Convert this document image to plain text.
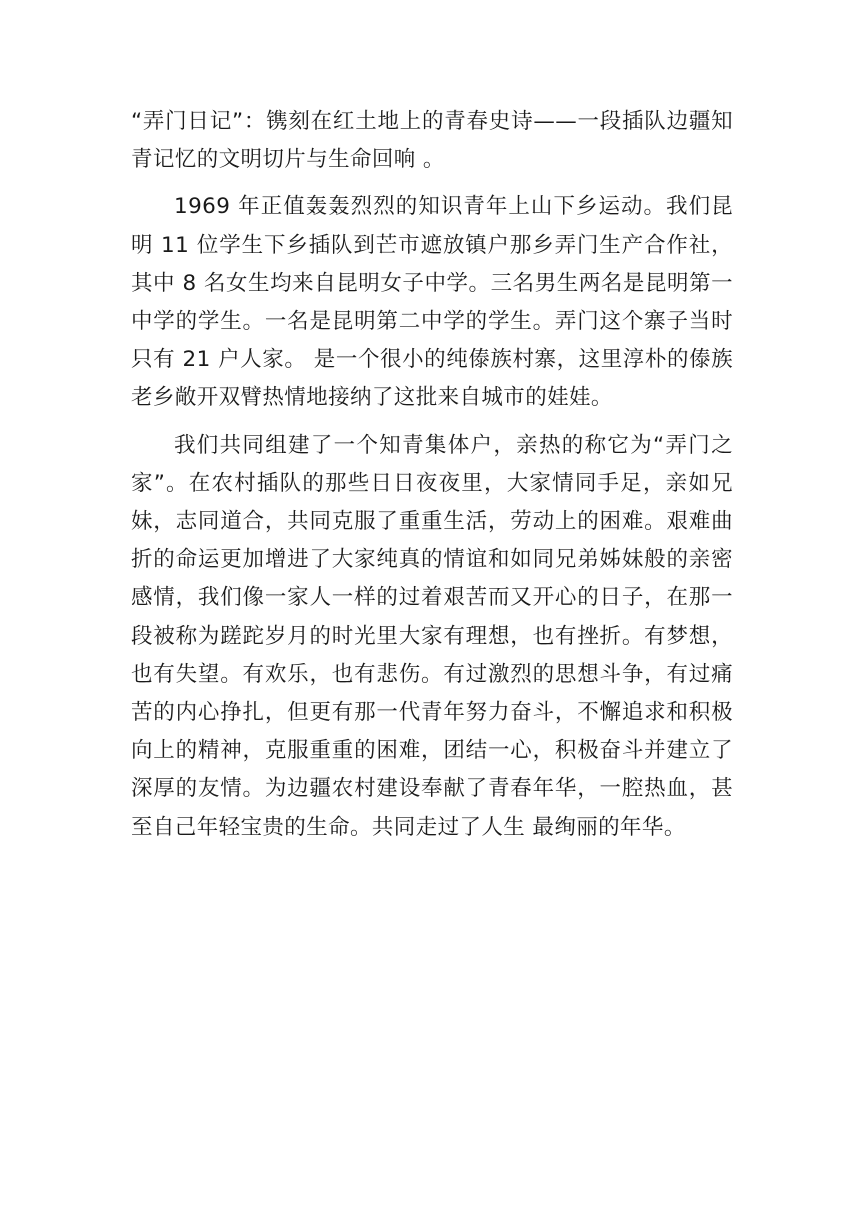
“弄门日记”：镌刻在红土地上的青春史诗——一段插队边疆知青记忆的文明切片与生命回响 。

1969 年正值轰轰烈烈的知识青年上山下乡运动。我们昆明 11 位学生下乡插队到芒市遮放镇户那乡弄门生产合作社，其中 8 名女生均来自昆明女子中学。三名男生两名是昆明第一中学的学生。一名是昆明第二中学的学生。弄门这个寨子当时只有 21 户人家。 是一个很小的纯傣族村寨，这里淳朴的傣族老乡敞开双臂热情地接纳了这批来自城市的娃娃。

我们共同组建了一个知青集体户，亲热的称它为“弄门之家”。在农村插队的那些日日夜夜里，大家情同手足，亲如兄妹，志同道合，共同克服了重重生活，劳动上的困难。艰难曲折的命运更加增进了大家纯真的情谊和如同兄弟姊妹般的亲密感情，我们像一家人一样的过着艰苦而又开心的日子，在那一段被称为蹉跎岁月的时光里大家有理想，也有挫折。有梦想，也有失望。有欢乐，也有悲伤。有过激烈的思想斗争，有过痛苦的内心挣扎，但更有那一代青年努力奋斗，不懈追求和积极向上的精神，克服重重的困难，团结一心，积极奋斗并建立了深厚的友情。为边疆农村建设奉献了青春年华，一腔热血，甚至自己年轻宝贵的生命。共同走过了人生 最绚丽的年华。
